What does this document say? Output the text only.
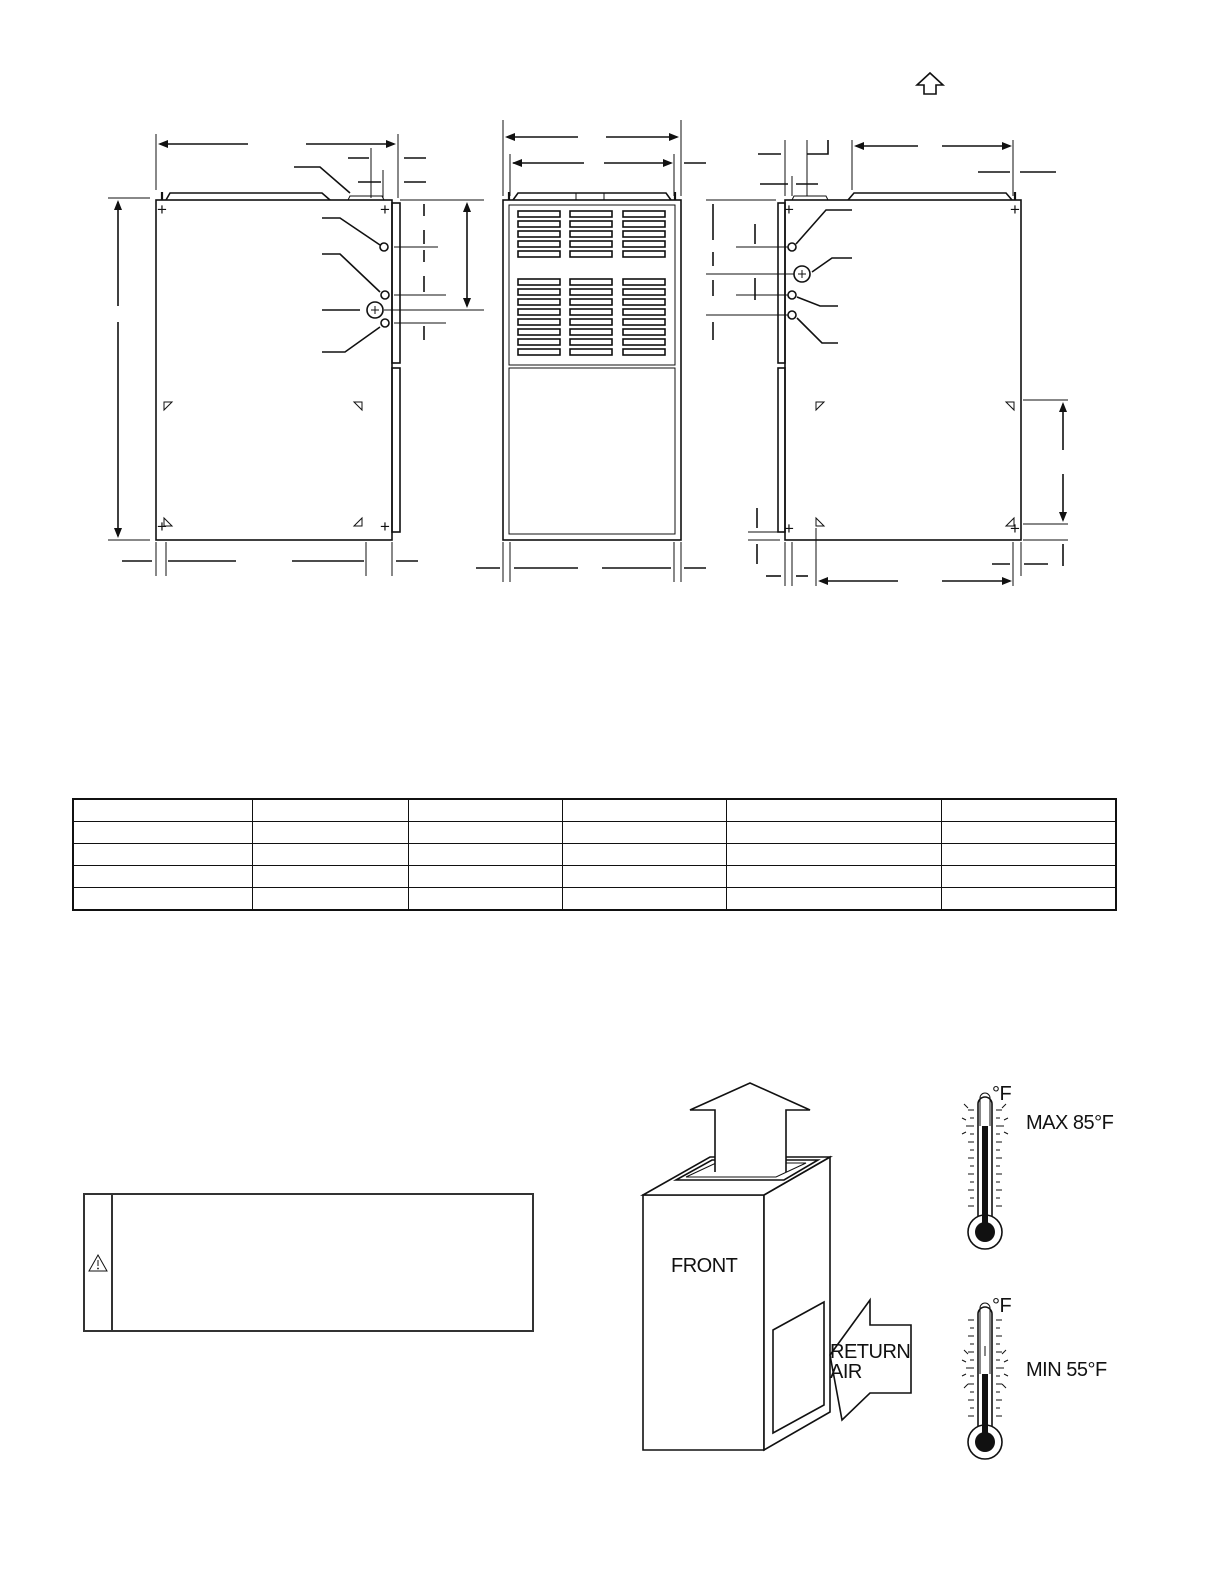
+	+
+	+
+	+
+	+

FRONT
RETURN
AIR
°F
MAX 85°F
°F
MIN 55°F
